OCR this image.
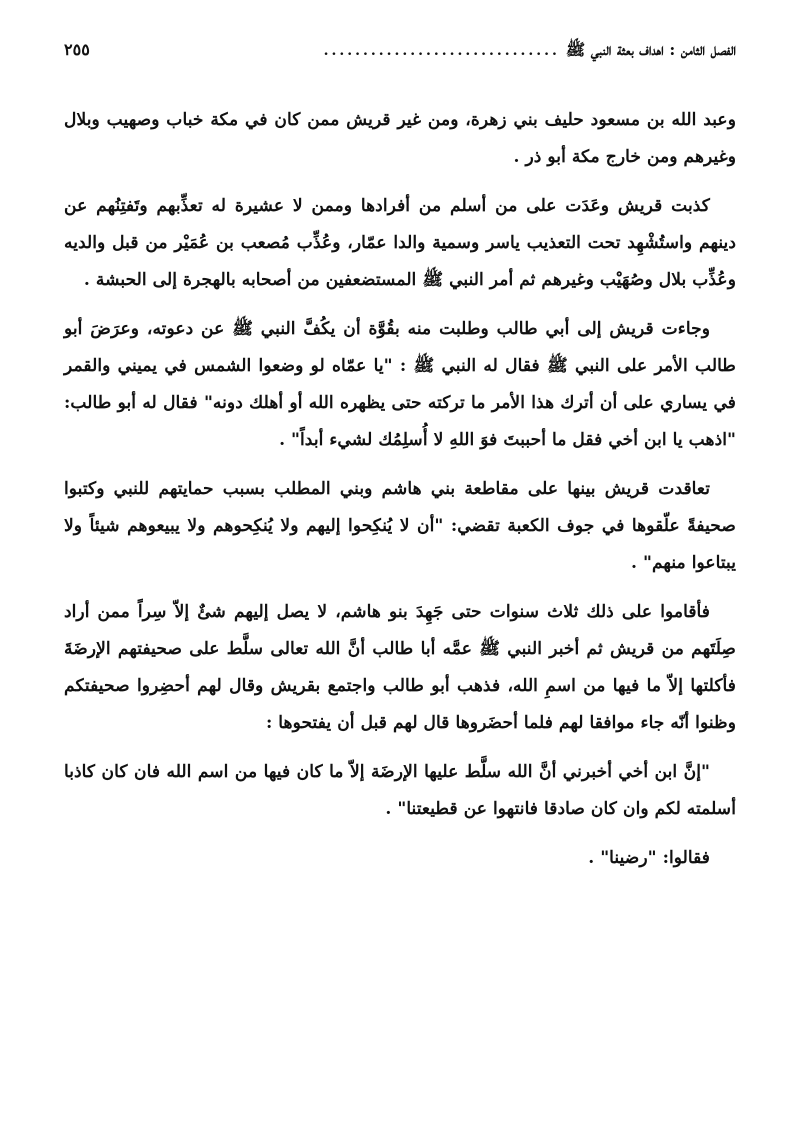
الفصل الثامن : اهداف بعثة النبي ﷺ
..............................
٢٥٥

وعبد الله بن مسعود حليف بني زهرة، ومن غير قريش ممن كان في مكة خباب وصهيب وبلال وغيرهم ومن خارج مكة أبو ذر .

كذبت قريش وعَدَت على من أسلم من أفرادها وممن لا عشيرة له تعذِّبهم وتَفتِنُهم عن دينهم واستُشْهِد تحت التعذيب ياسر وسمية والدا عمّار، وعُذِّب مُصعب بن عُمَيْر من قبل والديه وعُذِّب بلال وصُهَيْب وغيرهم ثم أمر النبي ﷺ المستضعفين من أصحابه بالهجرة إلى الحبشة .

وجاءت قريش إلى أبي طالب وطلبت منه بقُوَّة أن يكُفَّ النبي ﷺ عن دعوته، وعرَضَ أبو طالب الأمر على النبي ﷺ فقال له النبي ﷺ : "يا عمّاه لو وضعوا الشمس في يميني والقمر في يساري على أن أترك هذا الأمر ما تركته حتى يظهره الله أو أهلك دونه" فقال له أبو طالب: "اذهب يا ابن أخي فقل ما أحببتَ فوَ اللهِ لا أُسلِمُك لشيء أبداً" .

تعاقدت قريش بينها على مقاطعة بني هاشم وبني المطلب بسبب حمايتهم للنبي وكتبوا صحيفةً علّقوها في جوف الكعبة تقضي: "أن لا يُنكِحوا إليهم ولا يُنكِحوهم ولا يبيعوهم شيئاً ولا يبتاعوا منهم" .

فأقاموا على ذلك ثلاث سنوات حتى جَهِدَ بنو هاشم، لا يصل إليهم شئٌ إلاّ سِراً ممن أراد صِلَتَهم من قريش ثم أخبر النبي ﷺ عمَّه أبا طالب أنَّ الله تعالى سلَّط على صحيفتهم الإرضَةَ فأكلتها إلاّ ما فيها من اسمِ الله، فذهب أبو طالب واجتمع بقريش وقال لهم أحضِروا صحيفتكم وظنوا أنّه جاء موافقا لهم فلما أحضَروها قال لهم قبل أن يفتحوها :

"إنَّ ابن أخي أخبرني أنَّ الله سلَّط عليها الإرضَة إلاّ ما كان فيها من اسم الله فان كان كاذبا أسلمته لكم وان كان صادقا فانتهوا عن قطيعتنا" .

فقالوا: "رضينا" .
